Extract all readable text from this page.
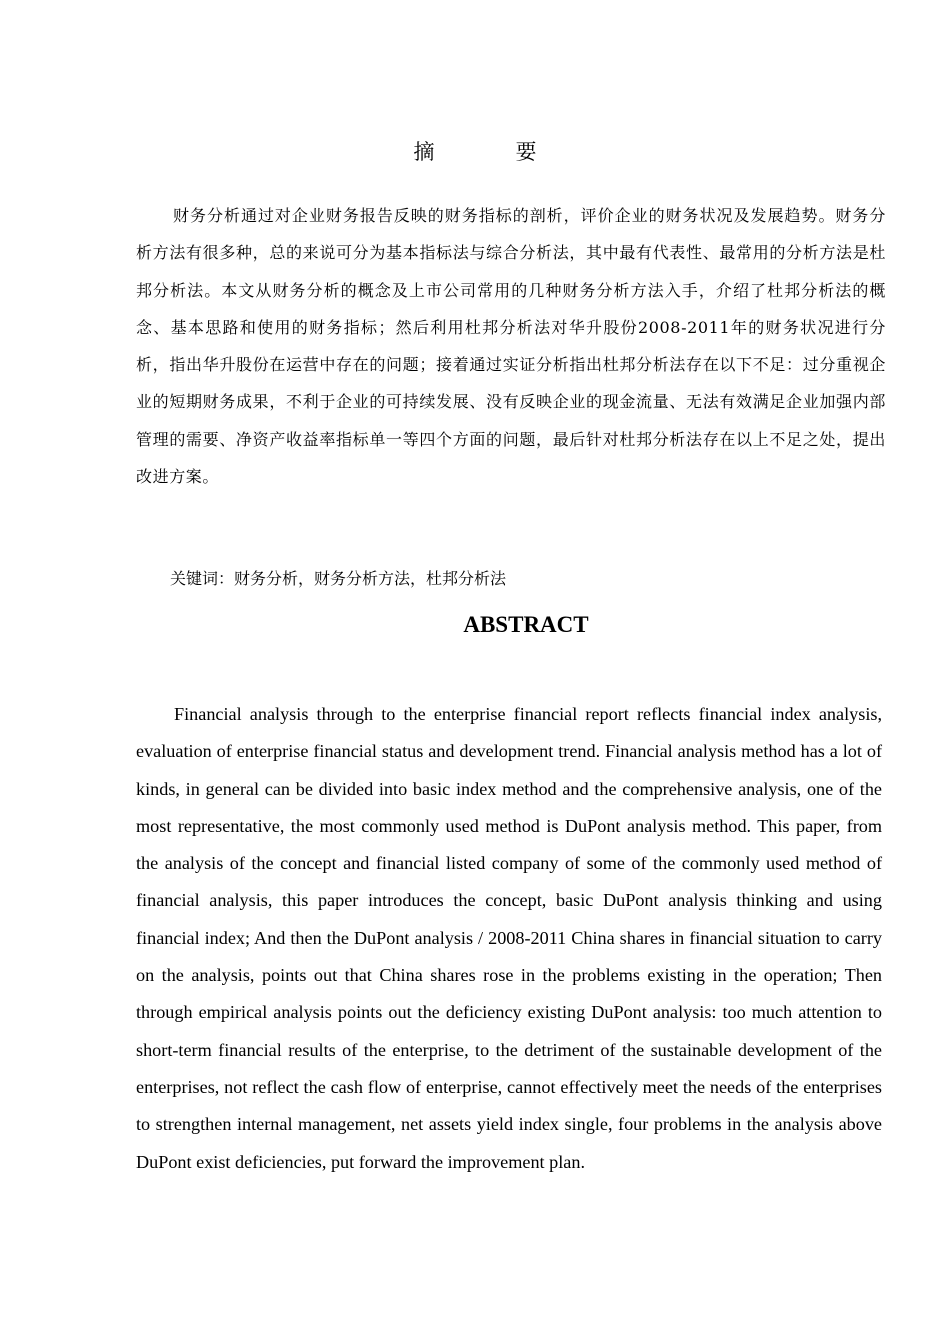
摘　要

财务分析通过对企业财务报告反映的财务指标的剖析，评价企业的财务状况及发展趋势。财务分析方法有很多种，总的来说可分为基本指标法与综合分析法，其中最有代表性、最常用的分析方法是杜邦分析法。本文从财务分析的概念及上市公司常用的几种财务分析方法入手，介绍了杜邦分析法的概念、基本思路和使用的财务指标；然后利用杜邦分析法对华升股份2008-2011年的财务状况进行分析，指出华升股份在运营中存在的问题；接着通过实证分析指出杜邦分析法存在以下不足：过分重视企业的短期财务成果，不利于企业的可持续发展、没有反映企业的现金流量、无法有效满足企业加强内部管理的需要、净资产收益率指标单一等四个方面的问题，最后针对杜邦分析法存在以上不足之处，提出改进方案。

关键词：财务分析，财务分析方法，杜邦分析法

ABSTRACT

Financial analysis through to the enterprise financial report reflects financial index analysis, evaluation of enterprise financial status and development trend. Financial analysis method has a lot of kinds, in general can be divided into basic index method and the comprehensive analysis, one of the most representative, the most commonly used method is DuPont analysis method. This paper, from the analysis of the concept and financial listed company of some of the commonly used method of financial analysis, this paper introduces the concept, basic DuPont analysis thinking and using financial index; And then the DuPont analysis / 2008-2011 China shares in financial situation to carry on the analysis, points out that China shares rose in the problems existing in the operation; Then through empirical analysis points out the deficiency existing DuPont analysis: too much attention to short-term financial results of the enterprise, to the detriment of the sustainable development of the enterprises, not reflect the cash flow of enterprise, cannot effectively meet the needs of the enterprises to strengthen internal management, net assets yield index single, four problems in the analysis above DuPont exist deficiencies, put forward the improvement plan.
